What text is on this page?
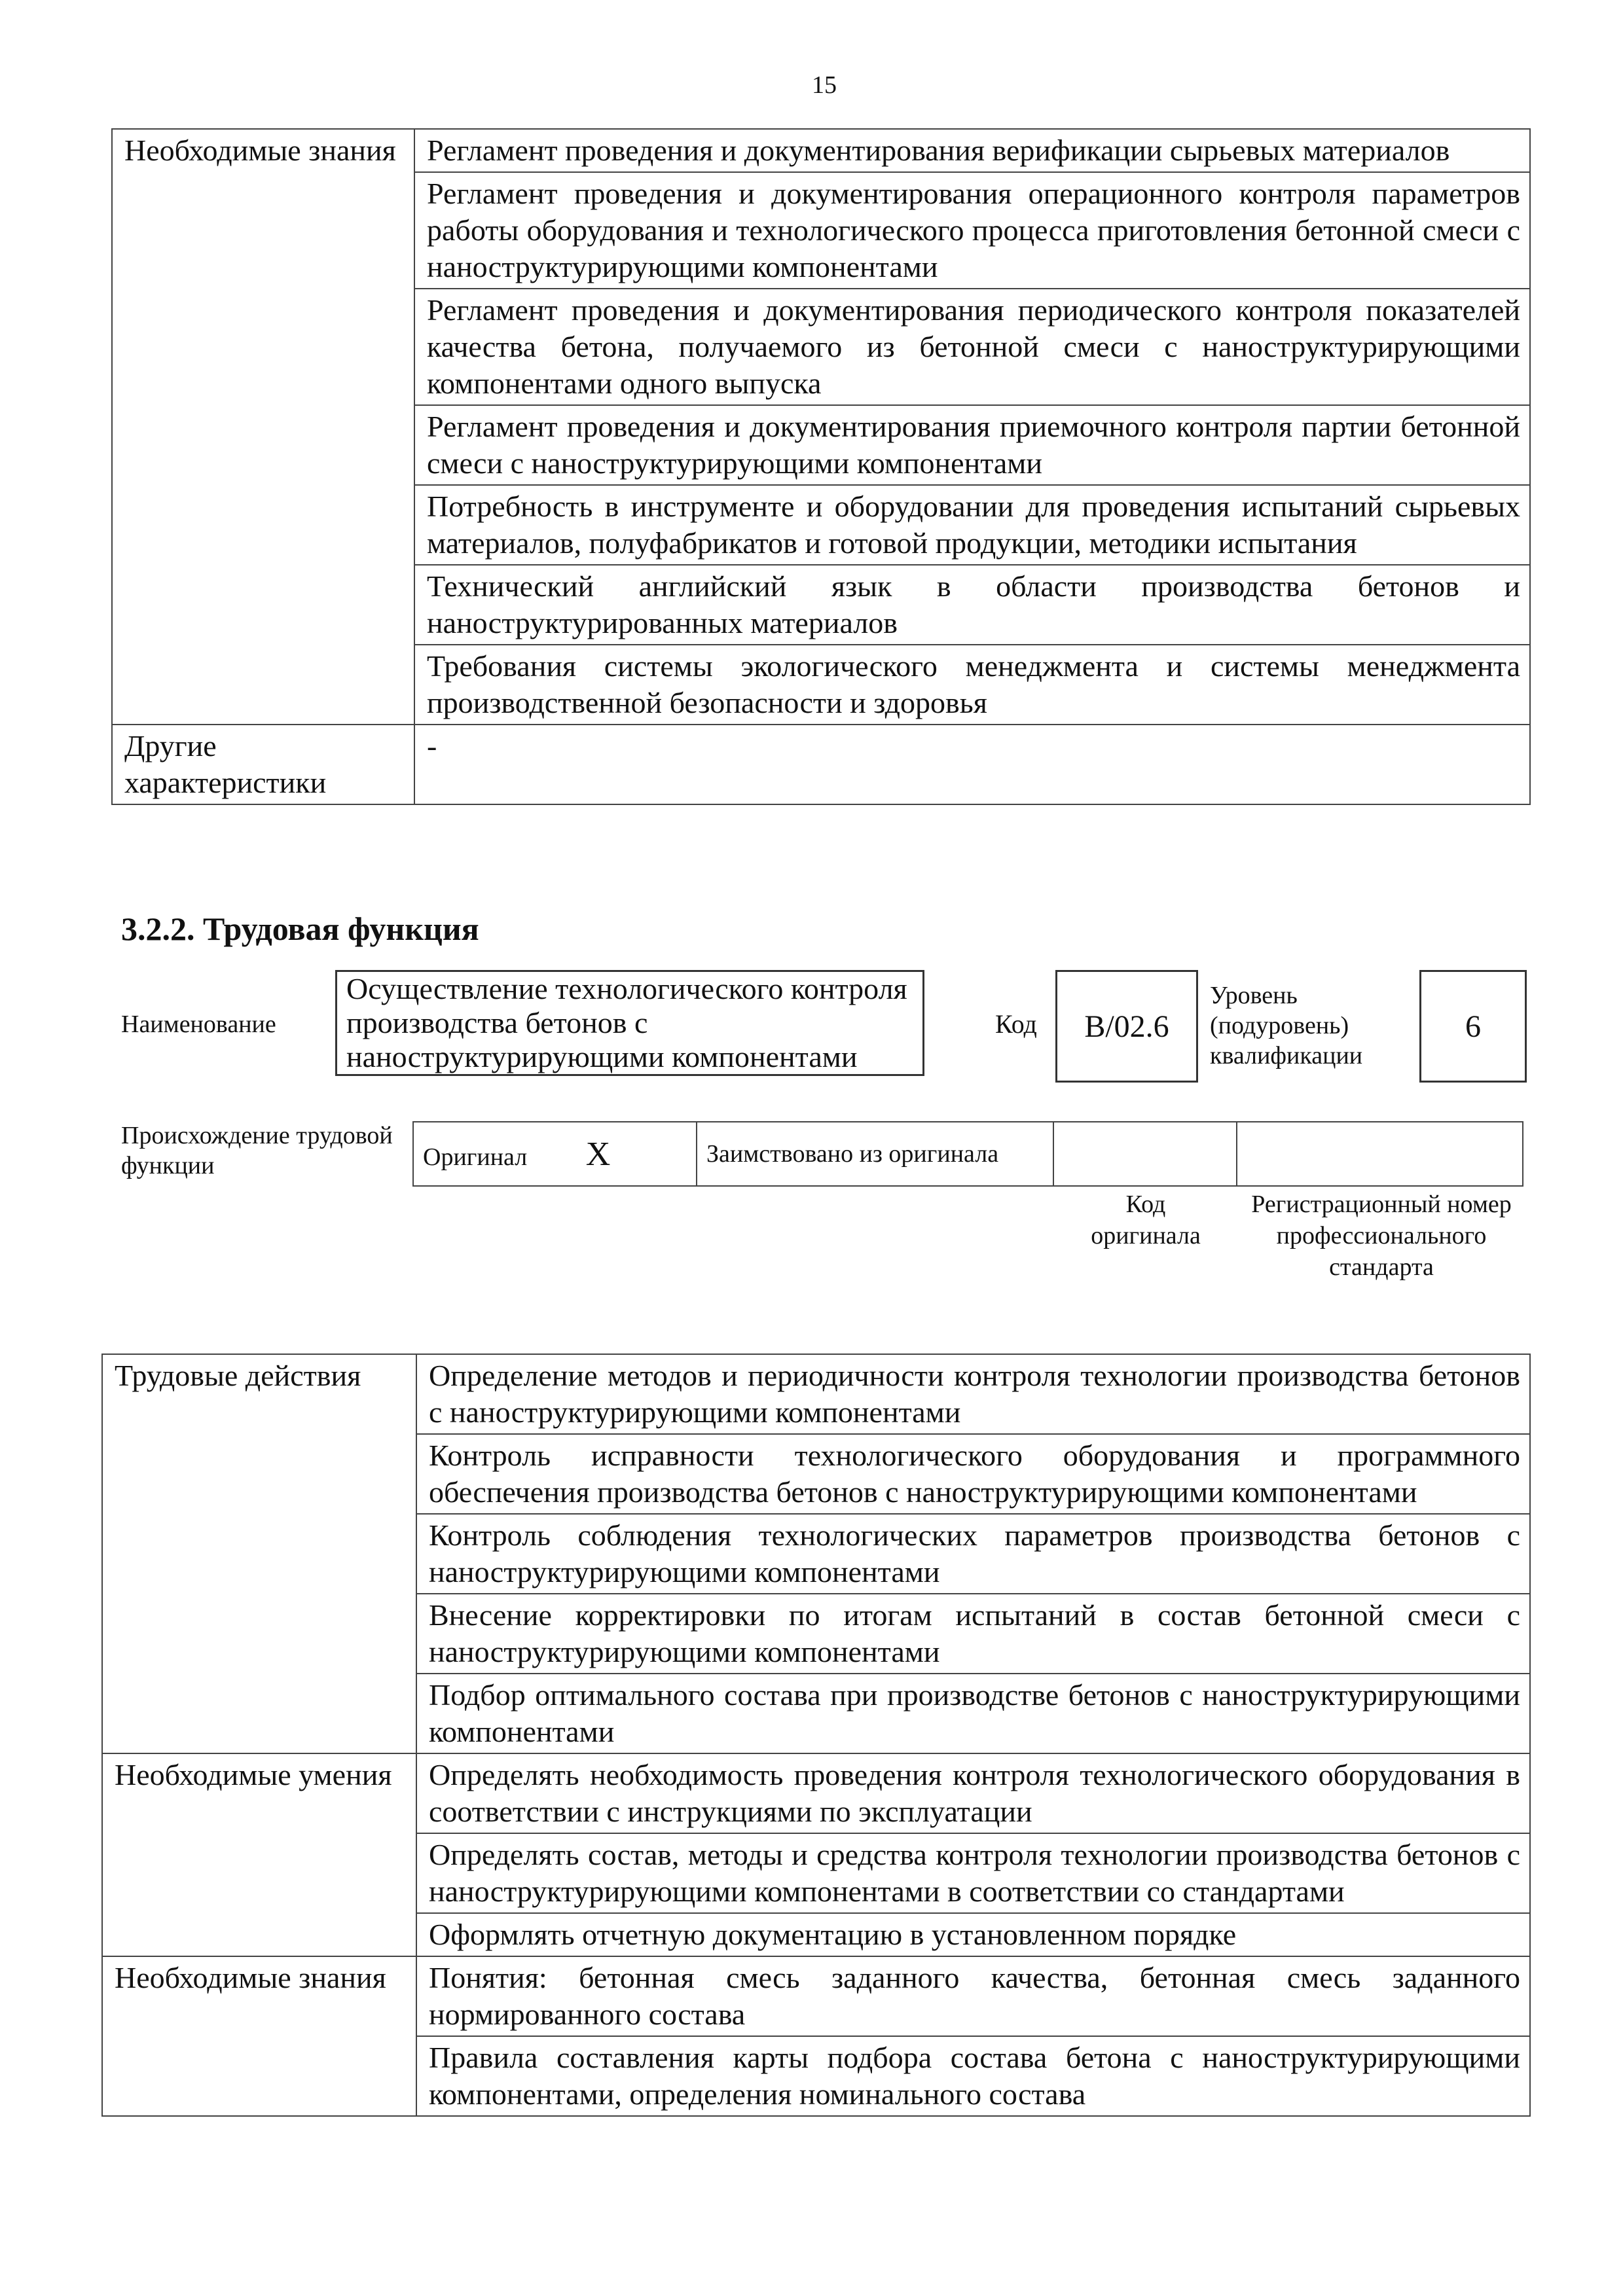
15
Необходимые знания	Регламент проведения и документирования верификации сырьевых материалов
	Регламент проведения и документирования операционного контроля параметров работы оборудования и технологического процесса приготовления бетонной смеси с наноструктурирующими компонентами
	Регламент проведения и документирования периодического контроля показателей качества бетона, получаемого из бетонной смеси с наноструктурирующими компонентами одного выпуска
	Регламент проведения и документирования приемочного контроля партии бетонной смеси с наноструктурирующими компонентами
	Потребность в инструменте и оборудовании для проведения испытаний сырьевых материалов, полуфабрикатов и готовой продукции, методики испытания
	Технический английский язык в области производства бетонов и наноструктурированных материалов
	Требования системы экологического менеджмента и системы менеджмента производственной безопасности и здоровья
Другие характеристики	-
3.2.2. Трудовая функция
Наименование
Осуществление технологического контроля производства бетонов с наноструктурирующими компонентами
Код	B/02.6
Уровень (подуровень) квалификации
6
Происхождение трудовой функции	Оригинал X	Заимствовано из оригинала		
Код оригинала
Регистрационный номер профессионального стандарта
Трудовые действия	Определение методов и периодичности контроля технологии производства бетонов с наноструктурирующими компонентами
	Контроль исправности технологического оборудования и программного обеспечения производства бетонов с наноструктурирующими компонентами
	Контроль соблюдения технологических параметров производства бетонов с наноструктурирующими компонентами
	Внесение корректировки по итогам испытаний в состав бетонной смеси с наноструктурирующими компонентами
	Подбор оптимального состава при производстве бетонов с наноструктурирующими компонентами
Необходимые умения	Определять необходимость проведения контроля технологического оборудования в соответствии с инструкциями по эксплуатации
	Определять состав, методы и средства контроля технологии производства бетонов с наноструктурирующими компонентами в соответствии со стандартами
	Оформлять отчетную документацию в установленном порядке
Необходимые знания	Понятия: бетонная смесь заданного качества, бетонная смесь заданного нормированного состава
	Правила составления карты подбора состава бетона с наноструктурирующими компонентами, определения номинального состава
